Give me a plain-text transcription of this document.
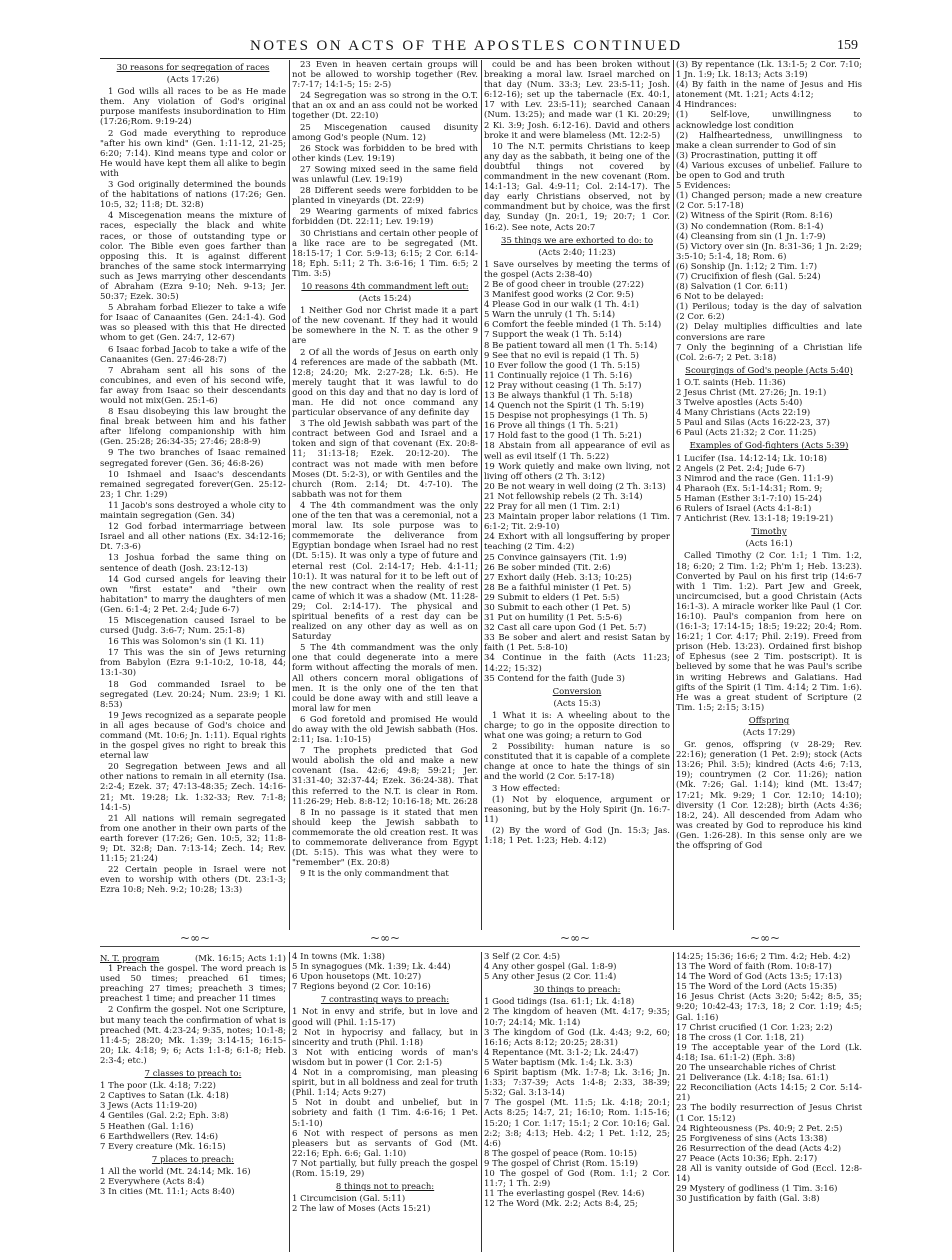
NOTES ON ACTS OF THE APOSTLES CONTINUED	159
30 reasons for segregation of races
(Acts 17:26)

1 God wills all races to be as He made them. Any violation of God's original purpose manifests insubordination to Him (17:26;Rom. 9:19-24)

2 God made everything to reproduce "after his own kind" (Gen. 1:11-12, 21-25; 6:20; 7:14). Kind means type and color or He would have kept them all alike to begin with

3 God originally determined the bounds of the habitations of nations (17:26; Gen. 10:5, 32; 11:8; Dt. 32:8)

4 Miscegenation means the mixture of races, especially the black and white races, or those of outstanding type or color. The Bible even goes farther than opposing this. It is against different branches of the same stock intermarrying such as Jews marrying other descendants of Abraham (Ezra 9-10; Neh. 9-13; Jer. 50:37; Ezek. 30:5)

5 Abraham forbad Eliezer to take a wife for Isaac of Canaanites (Gen. 24:1-4). God was so pleased with this that He directed whom to get (Gen. 24:7, 12-67)

6 Isaac forbad Jacob to take a wife of the Canaanites (Gen. 27:46-28:7)

7 Abraham sent all his sons of the concubines, and even of his second wife, far away from Isaac so their descendants would not mix(Gen. 25:1-6)

8 Esau disobeying this law brought the final break between him and his father after lifelong companionship with him (Gen. 25:28; 26:34-35; 27:46; 28:8-9)

9 The two branches of Isaac remained segregated forever (Gen. 36; 46:8-26)

10 Ishmael and Isaac's descendants remained segregated forever(Gen. 25:12-23; 1 Chr. 1:29)

11 Jacob's sons destroyed a whole city to maintain segregation (Gen. 34)

12 God forbad intermarriage between Israel and all other nations (Ex. 34:12-16; Dt. 7:3-6)

13 Joshua forbad the same thing on sentence of death (Josh. 23:12-13)

14 God cursed angels for leaving their own "first estate" and "their own habitation" to marry the daughters of men (Gen. 6:1-4; 2 Pet. 2:4; Jude 6-7)

15 Miscegenation caused Israel to be cursed (Judg. 3:6-7; Num. 25:1-8)

16 This was Solomon's sin (1 Ki. 11)

17 This was the sin of Jews returning from Babylon (Ezra 9:1-10:2, 10-18, 44; 13:1-30)

18 God commanded Israel to be segregated (Lev. 20:24; Num. 23:9; 1 Ki. 8:53)

19 Jews recognized as a separate people in all ages because of God's choice and command (Mt. 10:6; Jn. 1:11). Equal rights in the gospel gives no right to break this eternal law

20 Segregation between Jews and all other nations to remain in all eternity (Isa. 2:2-4; Ezek. 37; 47:13-48:35; Zech. 14:16-21; Mt. 19:28; Lk. 1:32-33; Rev. 7:1-8; 14:1-5)

21 All nations will remain segregated from one another in their own parts of the earth forever (17:26; Gen. 10:5, 32; 11:8-9; Dt. 32:8; Dan. 7:13-14; Zech. 14; Rev. 11:15; 21:24)

22 Certain people in Israel were not even to worship with others (Dt. 23:1-3; Ezra 10:8; Neh. 9:2; 10:28; 13:3)

23 Even in heaven certain groups will not be allowed to worship together (Rev. 7:7-17; 14:1-5; 15: 2-5)

24 Segregation was so strong in the O.T. that an ox and an ass could not be worked together (Dt. 22:10)

25 Miscegenation caused disunity among God's people (Num. 12)

26 Stock was forbidden to be bred with other kinds (Lev. 19:19)

27 Sowing mixed seed in the same field was unlawful (Lev. 19:19)

28 Different seeds were forbidden to be planted in vineyards (Dt. 22:9)

29 Wearing garments of mixed fabrics forbidden (Dt. 22:11; Lev. 19:19)

30 Christians and certain other people of a like race are to be segregated (Mt. 18:15-17; 1 Cor. 5:9-13; 6:15; 2 Cor. 6:14-18; Eph. 5:11; 2 Th. 3:6-16; 1 Tim. 6:5; 2 Tim. 3:5)

10 reasons 4th commandment left out:
(Acts 15:24)

1 Neither God nor Christ made it a part of the new covenant. If they had it would be somewhere in the N. T. as the other 9 are

2 Of all the words of Jesus on earth only 4 references are made of the sabbath (Mt. 12:8; 24:20; Mk. 2:27-28; Lk. 6:5). He merely taught that it was lawful to do good on this day and that no day is lord of man. He did not once command any particular observance of any definite day

3 The old Jewish sabbath was part of the contract between God and Israel and a token and sign of that covenant (Ex. 20:8-11; 31:13-18; Ezek. 20:12-20). The contract was not made with men before Moses (Dt. 5:2-3), or with Gentiles and the church (Rom. 2:14; Dt. 4:7-10). The sabbath was not for them

4 The 4th commandment was the only one of the ten that was a ceremonial, not a moral law. Its sole purpose was to commemorate the deliverance from Egyptian bondage when Israel had no rest (Dt. 5:15). It was only a type of future and eternal rest (Col. 2:14-17; Heb. 4:1-11; 10:1). It was natural for it to be left out of the new contract when the reality of rest came of which it was a shadow (Mt. 11:28-29; Col. 2:14-17). The physical and spiritual benefits of a rest day can be realized on any other day as well as on Saturday

5 The 4th commandment was the only one that could degenerate into a mere form without affecting the morals of men. All others concern moral obligations of men. It is the only one of the ten that could be done away with and still leave a moral law for men

6 God foretold and promised He would do away with the old Jewish sabbath (Hos. 2:11; Isa. 1:10-15)

7 The prophets predicted that God would abolish the old and make a new covenant (Isa. 42:6; 49:8; 59:21; Jer. 31:31-40; 32:37-44; Ezek. 36:24-38). That this referred to the N.T. is clear in Rom. 11:26-29; Heb. 8:8-12; 10:16-18; Mt. 26:28

8 In no passage is it stated that men should keep the Jewish sabbath to commemorate the old creation rest. It was to commemorate deliverance from Egypt (Dt. 5:15). This was what they were to "remember" (Ex. 20:8)

9 It is the only commandment that

could be and has been broken without breaking a moral law. Israel marched on that day (Num. 33:3; Lev. 23:5-11; Josh. 6:12-16); set up the tabernacle (Ex. 40:1, 17 with Lev. 23:5-11); searched Canaan (Num. 13:25); and made war (1 Ki. 20:29; 2 Ki. 3:9; Josh. 6:12-16). David and others broke it and were blameless (Mt. 12:2-5)

10 The N.T. permits Christians to keep any day as the sabbath, it being one of the doubtful things not covered by commandment in the new covenant (Rom. 14:1-13; Gal. 4:9-11; Col. 2:14-17). The day early Christians observed, not by commandment but by choice, was the first day, Sunday (Jn. 20:1, 19; 20:7; 1 Cor. 16:2). See note, Acts 20:7

35 things we are exhorted to do: to
(Acts 2:40; 11:23)

1 Save ourselves by meeting the terms of the gospel (Acts 2:38-40)

2 Be of good cheer in trouble (27:22)

3 Manifest good works (2 Cor. 9:5)

4 Please God in our walk (1 Th. 4:1)

5 Warn the unruly (1 Th. 5:14)

6 Comfort the feeble minded (1 Th. 5:14)

7 Support the weak (1 Th. 5:14)

8 Be patient toward all men (1 Th. 5:14)

9 See that no evil is repaid (1 Th. 5)

10 Ever follow the good (1 Th. 5:15)

11 Continually rejoice (1 Th. 5:16)

12 Pray without ceasing (1 Th. 5:17)

13 Be always thankful (1 Th. 5:18)

14 Quench not the Spirit (1 Th. 5:19)

15 Despise not prophesyings (1 Th. 5)

16 Prove all things (1 Th. 5:21)

17 Hold fast to the good (1 Th. 5:21)

18 Abstain from all appearance of evil as well as evil itself (1 Th. 5:22)

19 Work quietly and make own living, not living off others (2 Th. 3:12)

20 Be not weary in well doing (2 Th. 3:13)

21 Not fellowship rebels (2 Th. 3:14)

22 Pray for all men (1 Tim. 2:1)

23 Maintain proper labor relations (1 Tim. 6:1-2; Tit. 2:9-10)

24 Exhort with all longsuffering by proper teaching (2 Tim. 4:2)

25 Convince gainsayers (Tit. 1:9)

26 Be sober minded (Tit. 2:6)

27 Exhort daily (Heb. 3:13; 10:25)

28 Be a faithful minister (1 Pet. 5)

29 Submit to elders (1 Pet. 5:5)

30 Submit to each other (1 Pet. 5)

31 Put on humility (1 Pet. 5:5-6)

32 Cast all care upon God (1 Pet. 5:7)

33 Be sober and alert and resist Satan by faith (1 Pet. 5:8-10)

34 Continue in the faith (Acts 11:23; 14:22; 15:32)

35 Contend for the faith (Jude 3)

Conversion
(Acts 15:3)

1 What it is: A wheeling about to the charge; to go in the opposite direction to what one was going; a return to God

2 Possibility: human nature is so constituted that it is capable of a complete change at once to hate the things of sin and the world (2 Cor. 5:17-18)

3 How effected:

(1) Not by eloquence, argument or reasoning, but by the Holy Spirit (Jn. 16:7-11)

(2) By the word of God (Jn. 15:3; Jas. 1:18; 1 Pet. 1:23; Heb. 4:12)

(3) By repentance (Lk. 13:1-5; 2 Cor. 7:10; 1 Jn. 1:9; Lk. 18:13; Acts 3:19)

(4) By faith in the name of Jesus and His atonement (Mt. 1:21; Acts 4:12;

4 Hindrances:

(1) Self-love, unwillingness to acknowledge lost condition

(2) Halfheartedness, unwillingness to make a clean surrender to God of sin

(3) Procrastination, putting it off

(4) Various excuses of unbelief. Failure to be open to God and truth

5 Evidences:

(1) Changed person; made a new creature (2 Cor. 5:17-18)

(2) Witness of the Spirit (Rom. 8:16)

(3) No condemnation (Rom. 8:1-4)

(4) Cleansing from sin (1 Jn. 1:7-9)

(5) Victory over sin (Jn. 8:31-36; 1 Jn. 2:29; 3:5-10; 5:1-4, 18; Rom. 6)

(6) Sonship (Jn. 1:12; 2 Tim. 1:7)

(7) Crucifixion of flesh (Gal. 5:24)

(8) Salvation (1 Cor. 6:11)

6 Not to be delayed:

(1) Perilous; today is the day of salvation (2 Cor. 6:2)

(2) Delay multiplies difficulties and late conversions are rare

7 Only the beginning of a Christian life (Col. 2:6-7; 2 Pet. 3:18)

Scourgings of God's people (Acts 5:40)

1 O.T. saints (Heb. 11:36)

2 Jesus Christ (Mt. 27:26; Jn. 19:1)

3 Twelve apostles (Acts 5:40)

4 Many Christians (Acts 22:19)

5 Paul and Silas (Acts 16:22-23, 37)

6 Paul (Acts 21:32; 2 Cor. 11:25)

Examples of God-fighters (Acts 5:39)

1 Lucifer (Isa. 14:12-14; Lk. 10:18)

2 Angels (2 Pet. 2:4; Jude 6-7)

3 Nimrod and the race (Gen. 11:1-9)

4 Pharaoh (Ex. 5:1-14:31; Rom. 9;

5 Haman (Esther 3:1-7:10) 15-24)

6 Rulers of Israel (Acts 4:1-8:1)

7 Antichrist (Rev. 13:1-18; 19:19-21)

Timothy
(Acts 16:1)

Called Timothy (2 Cor. 1:1; 1 Tim. 1:2, 18; 6:20; 2 Tim. 1:2; Ph'm 1; Heb. 13:23). Converted by Paul on his first trip (14:6-7 with 1 Tim. 1:2). Part Jew and Greek, uncircumcised, but a good Christain (Acts 16:1-3). A miracle worker like Paul (1 Cor. 16:10). Paul's companion from here on (16:1-3; 17:14-15; 18:5; 19:22; 20:4; Rom. 16:21; 1 Cor. 4:17; Phil. 2:19). Freed from prison (Heb. 13:23). Ordained first bishop of Ephesus (see 2 Tim. postscript). It is believed by some that he was Paul's scribe in writing Hebrews and Galatians. Had gifts of the Spirit (1 Tim. 4:14; 2 Tim. 1:6). He was a great student of Scripture (2 Tim. 1:5; 2:15; 3:15)

Offspring
(Acts 17:29)

Gr. genos, offspring (v 28-29; Rev. 22:16); generation (1 Pet. 2:9); stock (Acts 13:26; Phil. 3:5); kindred (Acts 4:6; 7:13, 19); countrymen (2 Cor. 11:26); nation (Mk. 7:26; Gal. 1:14); kind (Mt. 13:47; 17:21; Mk. 9:29; 1 Cor. 12:10; 14:10); diversity (1 Cor. 12:28); birth (Acts 4:36; 18:2, 24). All descended from Adam who was created by God to reproduce his kind (Gen. 1:26-28). In this sense only are we the offspring of God

~∞~	~∞~	~∞~	~∞~
N. T. program	(Mk. 16:15; Acts 1:1)

1 Preach the gospel. The word preach is used 50 times; preached 61 times; preaching 27 times; preacheth 3 times; preachest 1 time; and preacher 11 times

2 Confirm the gospel. Not one Scripture, but many teach the confirmation of what is preached (Mt. 4:23-24; 9:35, notes; 10:1-8; 11:4-5; 28:20; Mk. 1:39; 3:14-15; 16:15-20; Lk. 4:18; 9; 6; Acts 1:1-8; 6:1-8; Heb. 2:3-4; etc.)

7 classes to preach to:

1 The poor (Lk. 4:18; 7:22)

2 Captives to Satan (Lk. 4:18)

3 Jews (Acts 11:19-20)

4 Gentiles (Gal. 2:2; Eph. 3:8)

5 Heathen (Gal. 1:16)

6 Earthdwellers (Rev. 14:6)

7 Every creature (Mk. 16:15)

7 places to preach:

1 All the world (Mt. 24:14; Mk. 16)

2 Everywhere (Acts 8:4)

3 In cities (Mt. 11:1; Acts 8:40)

4 In towns (Mk. 1:38)

5 In synagogues (Mk. 1:39; Lk. 4:44)

6 Upon housetops (Mt. 10:27)

7 Regions beyond (2 Cor. 10:16)

7 contrasting ways to preach:

1 Not in envy and strife, but in love and good will (Phil. 1:15-17)

2 Not in hypocrisy and fallacy, but in sincerity and truth (Phil. 1:18)

3 Not with enticing words of man's wisdom but in power (1 Cor. 2:1-5)

4 Not in a compromising, man pleasing spirit, but in all boldness and zeal for truth (Phil. 1:14; Acts 9:27)

5 Not in doubt and unbelief, but in sobriety and faith (1 Tim. 4:6-16; 1 Pet. 5:1-10)

6 Not with respect of persons as men pleasers but as servants of God (Mt. 22:16; Eph. 6:6; Gal. 1:10)

7 Not partially, but fully preach the gospel (Rom. 15:19, 29)

8 things not to preach:

1 Circumcision (Gal. 5:11)

2 The law of Moses (Acts 15:21)

3 Self (2 Cor. 4:5)

4 Any other gospel (Gal. 1:8-9)

5 Any other Jesus (2 Cor. 11:4)

30 things to preach:

1 Good tidings (Isa. 61:1; Lk. 4:18)

2 The kingdom of heaven (Mt. 4:17; 9:35; 10:7; 24:14; Mk. 1:14)

3 The kingdom of God (Lk. 4:43; 9:2, 60; 16:16; Acts 8:12; 20:25; 28:31)

4 Repentance (Mt. 3:1-2; Lk. 24:47)

5 Water baptism (Mk. 1:4; Lk. 3:3)

6 Spirit baptism (Mk. 1:7-8; Lk. 3:16; Jn. 1:33; 7:37-39; Acts 1:4-8; 2:33, 38-39; 5:32; Gal. 3:13-14)

7 The gospel (Mt. 11:5; Lk. 4:18; 20:1; Acts 8:25; 14:7, 21; 16:10; Rom. 1:15-16; 15:20; 1 Cor. 1:17; 15:1; 2 Cor. 10:16; Gal. 2:2; 3:8; 4:13; Heb. 4:2; 1 Pet. 1:12, 25; 4:6)

8 The gospel of peace (Rom. 10:15)

9 The gospel of Christ (Rom. 15:19)

10 The gospel of God (Rom. 1:1; 2 Cor. 11:7; 1 Th. 2:9)

11 The everlasting gospel (Rev. 14:6)

12 The Word (Mk. 2:2; Acts 8:4, 25;

14:25; 15:36; 16:6; 2 Tim. 4:2; Heb. 4:2)

13 The Word of faith (Rom. 10:8-17)

14 The Word of God (Acts 13:5; 17:13)

15 The Word of the Lord (Acts 15:35)

16 Jesus Christ (Acts 3:20; 5:42; 8:5, 35; 9:20; 10:42-43; 17:3, 18; 2 Cor. 1:19; 4:5; Gal. 1:16)

17 Christ crucified (1 Cor. 1:23; 2:2)

18 The cross (1 Cor. 1:18, 21)

19 The acceptable year of the Lord (Lk. 4:18; Isa. 61:1-2) (Eph. 3:8)

20 The unsearchable riches of Christ

21 Deliverance (Lk. 4:18; Isa. 61:1)

22 Reconciliation (Acts 14:15; 2 Cor. 5:14-21)

23 The bodily resurrection of Jesus Christ (1 Cor. 15:12)

24 Righteousness (Ps. 40:9; 2 Pet. 2:5)

25 Forgiveness of sins (Acts 13:38)

26 Resurrection of the dead (Acts 4:2)

27 Peace (Acts 10:36; Eph. 2:17)

28 All is vanity outside of God (Eccl. 12:8-14)

29 Mystery of godliness (1 Tim. 3:16)

30 Justification by faith (Gal. 3:8)
